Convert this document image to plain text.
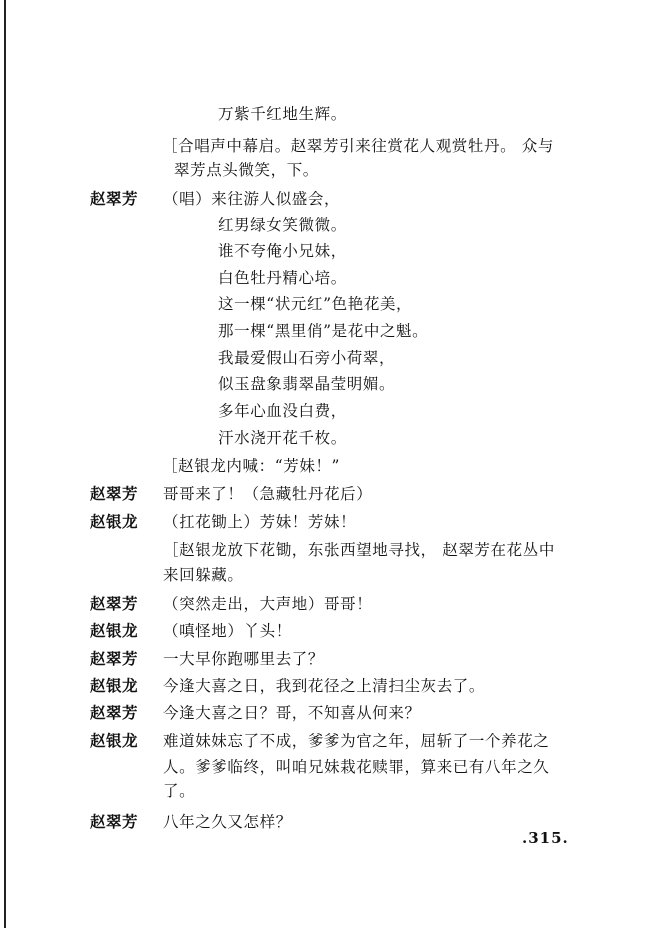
万紫千红地生辉。
［合唱声中幕启。赵翠芳引来往赏花人观赏牡丹。 众与
翠芳点头微笑，下。
赵翠芳 （唱）来往游人似盛会，
红男绿女笑微微。
谁不夸俺小兄妹，
白色牡丹精心培。
这一棵“状元红”色艳花美，
那一棵“黑里俏”是花中之魁。
我最爱假山石旁小荷翠，
似玉盘象翡翠晶莹明媚。
多年心血没白费，
汗水浇开花千枚。
［赵银龙内喊：“芳妹！”
赵翠芳 哥哥来了！（急藏牡丹花后）
赵银龙 （扛花锄上）芳妹！芳妹！
［赵银龙放下花锄，东张西望地寻找， 赵翠芳在花丛中
来回躲藏。
赵翠芳 （突然走出，大声地）哥哥！
赵银龙 （嗔怪地）丫头！
赵翠芳 一大早你跑哪里去了？
赵银龙 今逢大喜之日，我到花径之上清扫尘灰去了。
赵翠芳 今逢大喜之日？哥，不知喜从何来？
赵银龙 难道妹妹忘了不成，爹爹为官之年，屈斩了一个养花之
人。爹爹临终，叫咱兄妹栽花赎罪，算来已有八年之久
了。
赵翠芳 八年之久又怎样？
.315.
